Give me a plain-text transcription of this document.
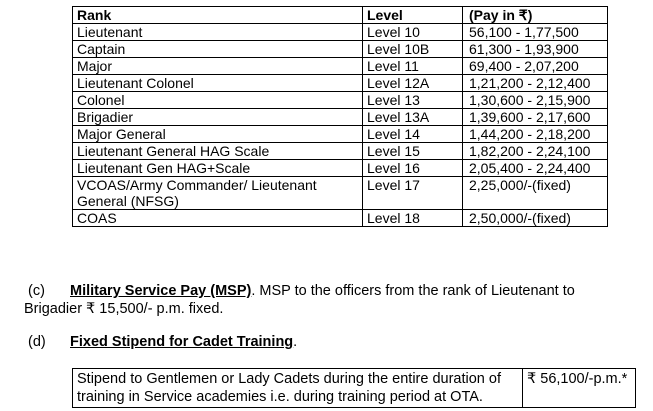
Rank	Level	(Pay in ₹)
Lieutenant	Level 10	56,100 - 1,77,500
Captain	Level 10B	61,300 - 1,93,900
Major	Level 11	69,400 - 2,07,200
Lieutenant Colonel	Level 12A	1,21,200 - 2,12,400
Colonel	Level 13	1,30,600 - 2,15,900
Brigadier	Level 13A	1,39,600 - 2,17,600
Major General	Level 14	1,44,200 - 2,18,200
Lieutenant General HAG Scale	Level 15	1,82,200 - 2,24,100
Lieutenant Gen HAG+Scale	Level 16	2,05,400 - 2,24,400
VCOAS/Army Commander/ Lieutenant General (NFSG)	Level 17	2,25,000/-(fixed)
COAS	Level 18	2,50,000/-(fixed)
(c) Military Service Pay (MSP). MSP to the officers from the rank of Lieutenant to
Brigadier ₹ 15,500/- p.m. fixed.
(d) Fixed Stipend for Cadet Training.
Stipend to Gentlemen or Lady Cadets during the entire duration of training in Service academies i.e. during training period at OTA.	₹ 56,100/-p.m.*
